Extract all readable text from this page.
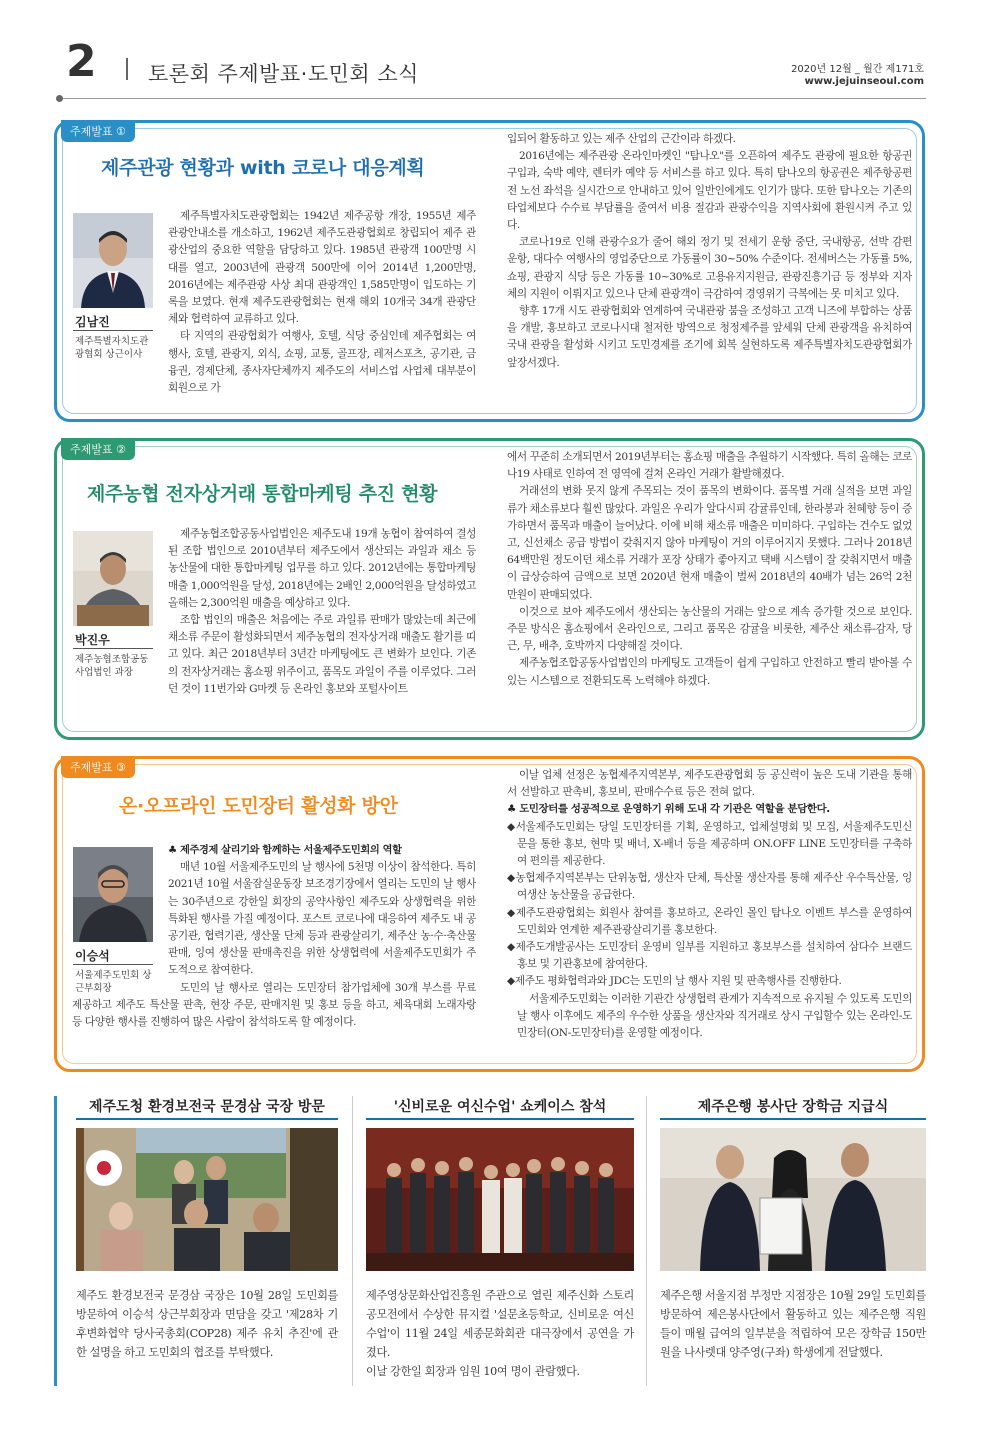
2 토론회 주제발표·도민회 소식	2020년 12월 _ 월간 제171호
www.jejuinseoul.com
주제발표 ①
제주관광 현황과 with 코로나 대응계획
김남진
제주특별자치도관광협회 상근이사

입되어 활동하고 있는 제주 산업의 근간이라 하겠다.

2016년에는 제주관광 온라인마켓인 "탐나오"를 오픈하여 제주도 관광에 필요한 항공권 구입과, 숙박 예약, 렌터카 예약 등 서비스를 하고 있다. 특히 탐나오의 항공권은 제주항공편 전 노선 좌석을 실시간으로 안내하고 있어 일반인에게도 인기가 많다. 또한 탐나오는 기존의 타업체보다 수수료 부담률을 줄여서 비용 절감과 관광수익을 지역사회에 환원시켜 주고 있다.

코로나19로 인해 관광수요가 줄어 해외 정기 및 전세기 운항 중단, 국내항공, 선박 감편 운항, 대다수 여행사의 영업중단으로 가동률이 30~50% 수준이다. 전세버스는 가동률 5%, 쇼핑, 관광지 식당 등은 가동률 10~30%로 고용유지지원금, 관광진흥기금 등 정부와 지자체의 지원이 이뤄지고 있으나 단체 관광객이 극감하여 경영위기 극복에는 못 미치고 있다.

향후 17개 시도 관광협회와 연계하여 국내관광 붐을 조성하고 고객 니즈에 부합하는 상품을 개발, 홍보하고 코로나시대 철저한 방역으로 청정제주를 앞세워 단체 관광객을 유치하여 국내 관광을 활성화 시키고 도민경제를 조기에 회복 실현하도록 제주특별자치도관광협회가 앞장서겠다.

주제발표 ②
제주농협 전자상거래 통합마케팅 추진 현황
박진우
제주농협조합공동사업법인 과장

에서 꾸준히 소개되면서 2019년부터는 홈쇼핑 매출을 추월하기 시작했다. 특히 올해는 코로나19 사태로 인하여 전 영역에 걸쳐 온라인 거래가 활발해졌다.

거래선의 변화 못지 않게 주목되는 것이 품목의 변화이다. 품목별 거래 실적을 보면 과일류가 채소류보다 훨씬 많았다. 과일은 우리가 알다시피 감귤류인데, 한라봉과 천혜향 등이 증가하면서 품목과 매출이 늘어났다. 이에 비해 채소류 매출은 미미하다. 구입하는 건수도 없었고, 신선채소 공급 방법이 갖춰지지 않아 마케팅이 거의 이루어지지 못했다. 그러나 2018년 64백만원 정도이던 채소류 거래가 포장 상태가 좋아지고 택배 시스템이 잘 갖춰지면서 매출이 급상승하여 금액으로 보면 2020년 현재 매출이 벌써 2018년의 40배가 넘는 26억 2천만원이 판매되었다.

이것으로 보아 제주도에서 생산되는 농산물의 거래는 앞으로 계속 증가할 것으로 보인다. 주문 방식은 홈쇼핑에서 온라인으로, 그리고 품목은 감귤을 비롯한, 제주산 채소류-감자, 당근, 무, 배추, 호박까지 다양해질 것이다.

제주농협조합공동사업법인의 마케팅도 고객들이 쉽게 구입하고 안전하고 빨리 받아볼 수 있는 시스템으로 전환되도록 노력해야 하겠다.

주제발표 ③
온·오프라인 도민장터 활성화 방안
이승석
서울제주도민회 상근부회장

이날 업체 선정은 농협제주지역본부, 제주도관광협회 등 공신력이 높은 도내 기관을 통해서 선발하고 판촉비, 홍보비, 판매수수료 등은 전혀 없다.

♣ 도민장터를 성공적으로 운영하기 위해 도내 각 기관은 역할을 분담한다.

◆서울제주도민회는 당일 도민장터를 기획, 운영하고, 업체설명회 및 모집, 서울제주도민신문을 통한 홍보, 현막 및 배너, X-배너 등을 제공하며 ON.OFF LINE 도민장터를 구축하여 편의를 제공한다.

◆농협제주지역본부는 단위농협, 생산자 단체, 특산물 생산자를 통해 제주산 우수특산물, 잉여생산 농산물을 공급한다.

◆제주도관광협회는 회원사 참여를 홍보하고, 온라인 몰인 탐나오 이벤트 부스를 운영하여 도민회와 연계한 제주관광살리기를 홍보한다.

◆제주도개발공사는 도민장터 운영비 일부를 지원하고 홍보부스를 설치하여 삼다수 브랜드 홍보 및 기관홍보에 참여한다.

◆제주도 평화협력과와 JDC는 도민의 날 행사 지원 및 판촉행사를 진행한다.

서울제주도민회는 이러한 기관간 상생협력 관계가 지속적으로 유지될 수 있도록 도민의 날 행사 이후에도 제주의 우수한 상품을 생산자와 직거래로 상시 구입할수 있는 온라인-도민장터(ON-도민장터)를 운영할 예정이다.

제주특별자치도관광협회는 1942년 제주공항 개장, 1955년 제주관광안내소를 개소하고, 1962년 제주도관광협회로 창립되어 제주 관광산업의 중요한 역할을 담당하고 있다. 1985년 관광객 100만명 시대를 열고, 2003년에 관광객 500만에 이어 2014년 1,200만명, 2016년에는 제주관광 사상 최대 관광객인 1,585만명이 입도하는 기록을 보였다. 현재 제주도관광협회는 현재 해외 10개국 34개 관광단체와 협력하여 교류하고 있다.

타 지역의 관광협회가 여행사, 호텔, 식당 중심인데 제주협회는 여행사, 호텔, 관광지, 외식, 쇼핑, 교통, 골프장, 레저스포츠, 공기관, 금융권, 경제단체, 종사자단체까지 제주도의 서비스업 사업체 대부분이 회원으로 가

제주농협조합공동사업법인은 제주도내 19개 농협이 참여하여 결성된 조합 법인으로 2010년부터 제주도에서 생산되는 과일과 채소 등 농산물에 대한 통합마케팅 업무를 하고 있다. 2012년에는 통합마케팅 매출 1,000억원을 달성, 2018년에는 2배인 2,000억원을 달성하였고 올해는 2,300억원 매출을 예상하고 있다.

조합 법인의 매출은 처음에는 주로 과일류 판매가 많았는데 최근에 채소류 주문이 활성화되면서 제주농협의 전자상거래 매출도 활기를 띠고 있다. 최근 2018년부터 3년간 마케팅에도 큰 변화가 보인다. 기존의 전자상거래는 홈쇼핑 위주이고, 품목도 과일이 주를 이루었다. 그러던 것이 11번가와 G마켓 등 온라인 홍보와 포털사이트

♣ 제주경제 살리기와 함께하는 서울제주도민회의 역할

매년 10월 서울제주도민의 날 행사에 5천명 이상이 참석한다. 특히 2021년 10월 서울잠실운동장 보조경기장에서 열리는 도민의 날 행사는 30주년으로 강한일 회장의 공약사항인 제주도와 상생협력을 위한 특화된 행사를 가질 예정이다. 포스트 코로나에 대응하여 제주도 내 공공기관, 협력기관, 생산물 단체 등과 관광살리기, 제주산 농·수·축산물 판매, 잉여 생산물 판매촉진을 위한 상생협력에 서울제주도민회가 주도적으로 참여한다.

도민의 날 행사로 열리는 도민장터 참가업체에 30개 부스를 무료 제공하고 제주도 특산물 판촉, 현장 주문, 판매지원 및 홍보 등을 하고, 체육대회 노래자랑 등 다양한 행사를 진행하여 많은 사람이 참석하도록 할 예정이다.

제주도청 환경보전국 문경삼 국장 방문
제주도 환경보전국 문경삼 국장은 10월 28일 도민회를 방문하여 이승석 상근부회장과 면담을 갖고 '제28차 기후변화협약 당사국총회(COP28) 제주 유치 추진'에 관한 설명을 하고 도민회의 협조를 부탁했다.
'신비로운 여신수업' 쇼케이스 참석
제주영상문화산업진흥원 주관으로 열린 제주신화 스토리 공모전에서 수상한 뮤지컬 '설문초등학교, 신비로운 여신수업'이 11월 24일 세종문화회관 대극장에서 공연을 가졌다.
이날 강한일 회장과 임원 10여 명이 관람했다.
제주은행 봉사단 장학금 지급식
제주은행 서울지점 부정만 지점장은 10월 29일 도민회를 방문하여 제은봉사단에서 활동하고 있는 제주은행 직원들이 매월 급여의 일부분을 적립하여 모은 장학금 150만원을 나사렛대 양주영(구좌) 학생에게 전달했다.
